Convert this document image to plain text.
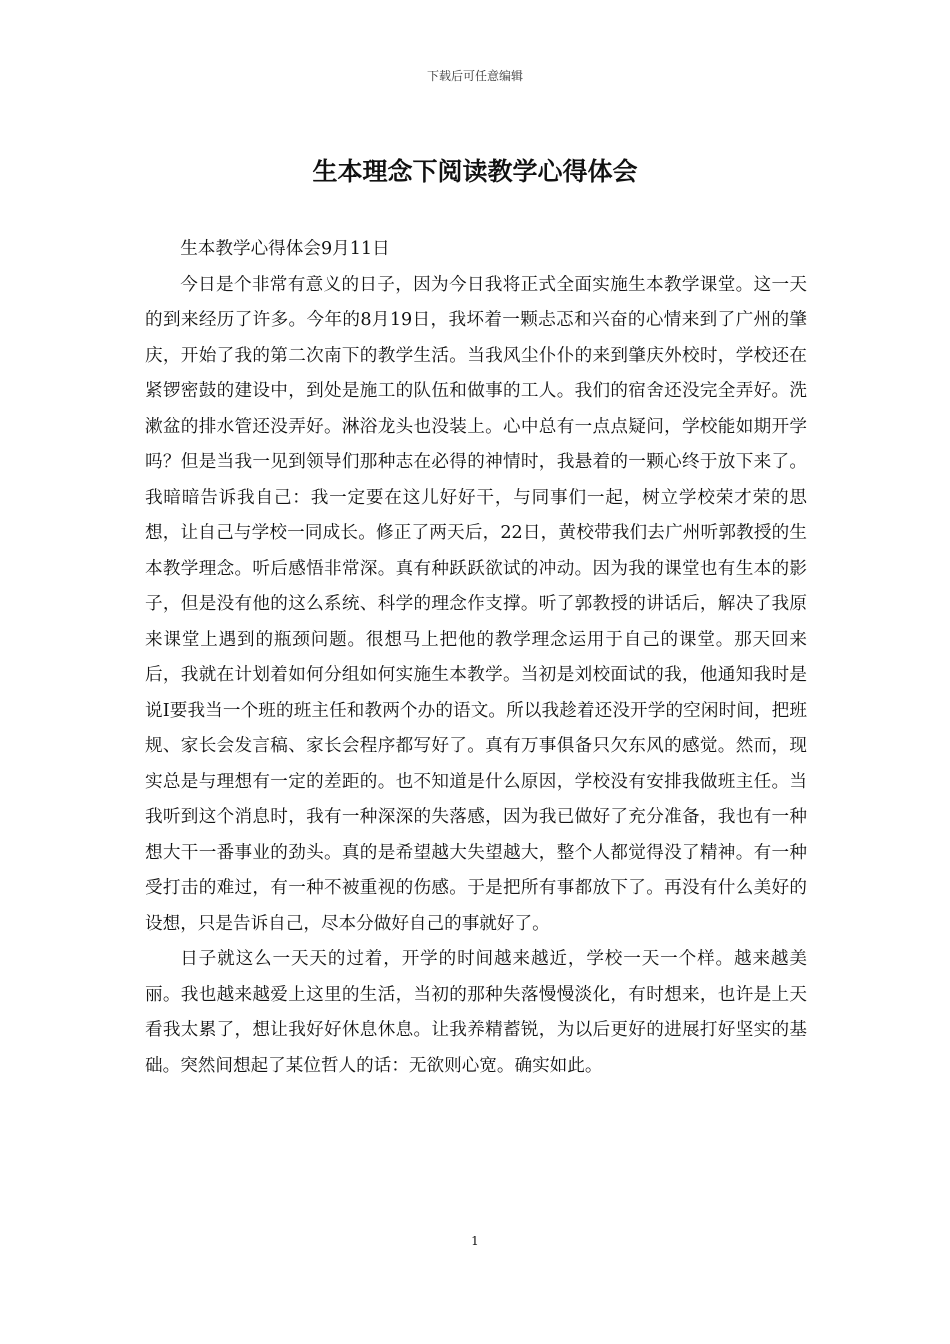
下载后可任意编辑
生本理念下阅读教学心得体会

生本教学心得体会9月11日

今日是个非常有意义的日子，因为今日我将正式全面实施生本教学课堂。这一天的到来经历了许多。今年的8月19日，我坏着一颗忐忑和兴奋的心情来到了广州的肇庆，开始了我的第二次南下的教学生活。当我风尘仆仆的来到肇庆外校时，学校还在紧锣密鼓的建设中，到处是施工的队伍和做事的工人。我们的宿舍还没完全弄好。洗漱盆的排水管还没弄好。淋浴龙头也没装上。心中总有一点点疑问，学校能如期开学吗？但是当我一见到领导们那种志在必得的神情时，我悬着的一颗心终于放下来了。我暗暗告诉我自己：我一定要在这儿好好干，与同事们一起，树立学校荣才荣的思想，让自己与学校一同成长。修正了两天后，22日，黄校带我们去广州听郭教授的生本教学理念。听后感悟非常深。真有种跃跃欲试的冲动。因为我的课堂也有生本的影子，但是没有他的这么系统、科学的理念作支撑。听了郭教授的讲话后，解决了我原来课堂上遇到的瓶颈问题。很想马上把他的教学理念运用于自己的课堂。那天回来后，我就在计划着如何分组如何实施生本教学。当初是刘校面试的我，他通知我时是说Ⅰ要我当一个班的班主任和教两个办的语文。所以我趁着还没开学的空闲时间，把班规、家长会发言稿、家长会程序都写好了。真有万事俱备只欠东风的感觉。然而，现实总是与理想有一定的差距的。也不知道是什么原因，学校没有安排我做班主任。当我听到这个消息时，我有一种深深的失落感，因为我已做好了充分准备，我也有一种想大干一番事业的劲头。真的是希望越大失望越大，整个人都觉得没了精神。有一种受打击的难过，有一种不被重视的伤感。于是把所有事都放下了。再没有什么美好的设想，只是告诉自己，尽本分做好自己的事就好了。

日子就这么一天天的过着，开学的时间越来越近，学校一天一个样。越来越美丽。我也越来越爱上这里的生活，当初的那种失落慢慢淡化，有时想来，也许是上天看我太累了，想让我好好休息休息。让我养精蓄锐，为以后更好的进展打好坚实的基础。突然间想起了某位哲人的话：无欲则心宽。确实如此。

1
